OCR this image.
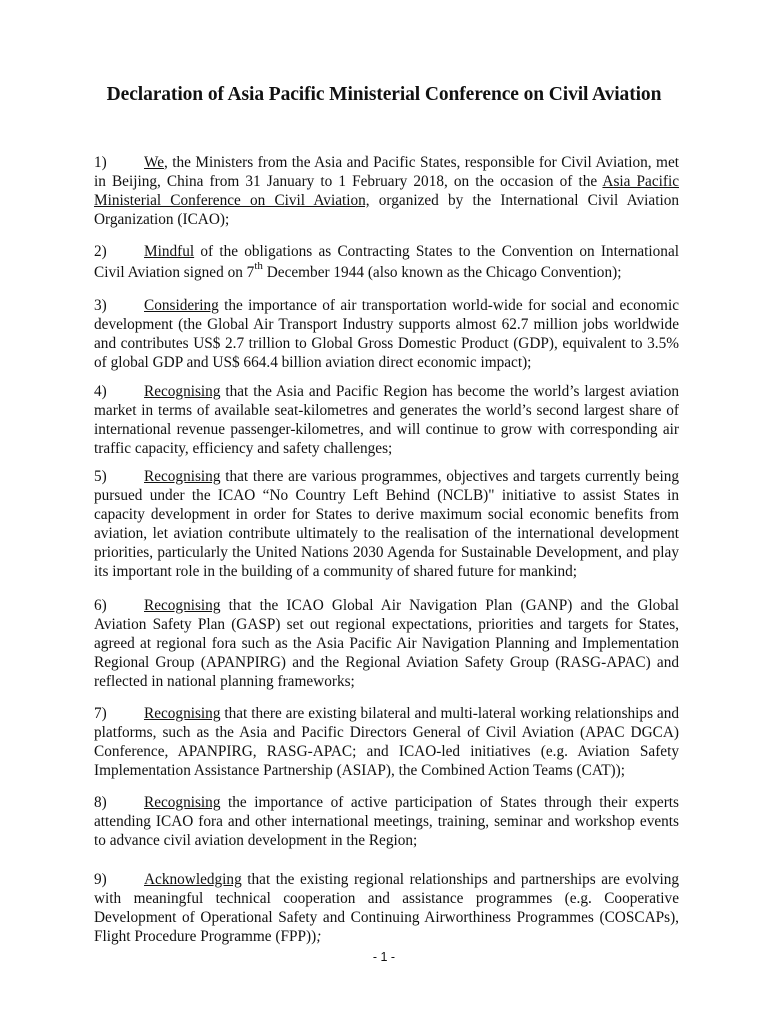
Declaration of Asia Pacific Ministerial Conference on Civil Aviation
1) We, the Ministers from the Asia and Pacific States, responsible for Civil Aviation, met in Beijing, China from 31 January to 1 February 2018, on the occasion of the Asia Pacific Ministerial Conference on Civil Aviation, organized by the International Civil Aviation Organization (ICAO);
2) Mindful of the obligations as Contracting States to the Convention on International Civil Aviation signed on 7th December 1944 (also known as the Chicago Convention);
3) Considering the importance of air transportation world-wide for social and economic development (the Global Air Transport Industry supports almost 62.7 million jobs worldwide and contributes US$ 2.7 trillion to Global Gross Domestic Product (GDP), equivalent to 3.5% of global GDP and US$ 664.4 billion aviation direct economic impact);
4) Recognising that the Asia and Pacific Region has become the world’s largest aviation market in terms of available seat-kilometres and generates the world’s second largest share of international revenue passenger-kilometres, and will continue to grow with corresponding air traffic capacity, efficiency and safety challenges;
5) Recognising that there are various programmes, objectives and targets currently being pursued under the ICAO “No Country Left Behind (NCLB)" initiative to assist States in capacity development in order for States to derive maximum social economic benefits from aviation, let aviation contribute ultimately to the realisation of the international development priorities, particularly the United Nations 2030 Agenda for Sustainable Development, and play its important role in the building of a community of shared future for mankind;
6) Recognising that the ICAO Global Air Navigation Plan (GANP) and the Global Aviation Safety Plan (GASP) set out regional expectations, priorities and targets for States, agreed at regional fora such as the Asia Pacific Air Navigation Planning and Implementation Regional Group (APANPIRG) and the Regional Aviation Safety Group (RASG-APAC) and reflected in national planning frameworks;
7) Recognising that there are existing bilateral and multi-lateral working relationships and platforms, such as the Asia and Pacific Directors General of Civil Aviation (APAC DGCA) Conference, APANPIRG, RASG-APAC; and ICAO-led initiatives (e.g. Aviation Safety Implementation Assistance Partnership (ASIAP), the Combined Action Teams (CAT));
8) Recognising the importance of active participation of States through their experts attending ICAO fora and other international meetings, training, seminar and workshop events to advance civil aviation development in the Region;
9) Acknowledging that the existing regional relationships and partnerships are evolving with meaningful technical cooperation and assistance programmes (e.g. Cooperative Development of Operational Safety and Continuing Airworthiness Programmes (COSCAPs), Flight Procedure Programme (FPP));
- 1 -
